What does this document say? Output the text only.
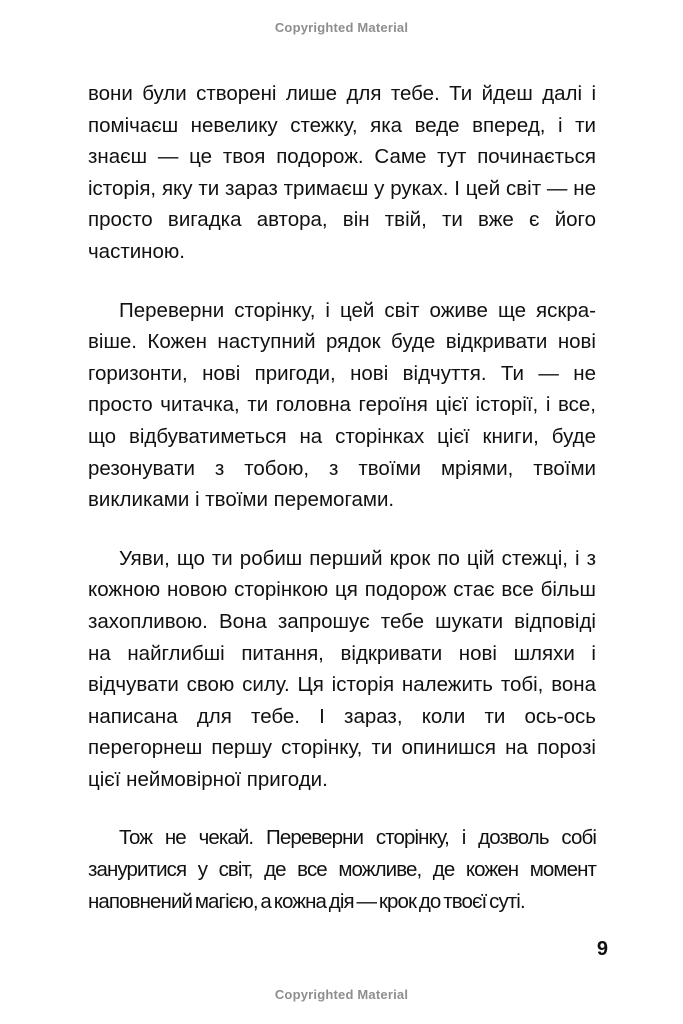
Copyrighted Material

вони були створені лише для тебе. Ти йдеш далі і помічаєш невелику стежку, яка веде вперед, і ти знаєш — це твоя подорож. Саме тут починається історія, яку ти зараз тримаєш у руках. І цей світ — не просто вигадка автора, він твій, ти вже є його частиною.

Переверни сторінку, і цей світ оживе ще яскравіше. Кожен наступний рядок буде відкривати нові горизонти, нові пригоди, нові відчуття. Ти — не просто читачка, ти головна героїня цієї історії, і все, що відбуватиметься на сторінках цієї книги, буде резонувати з тобою, з твоїми мріями, твоїми викликами і твоїми перемогами.

Уяви, що ти робиш перший крок по цій стежці, і з кожною новою сторінкою ця подорож стає все більш захопливою. Вона запрошує тебе шукати відповіді на найглибші питання, відкривати нові шляхи і відчувати свою силу. Ця історія належить тобі, вона написана для тебе. І зараз, коли ти ось-ось перегорнеш першу сторінку, ти опинишся на порозі цієї неймовірної пригоди.

Тож не чекай. Переверни сторінку, і дозволь собі зануритися у світ, де все можливе, де кожен момент наповнений магією, а кожна дія — крок до твоєї суті.

9
Copyrighted Material
